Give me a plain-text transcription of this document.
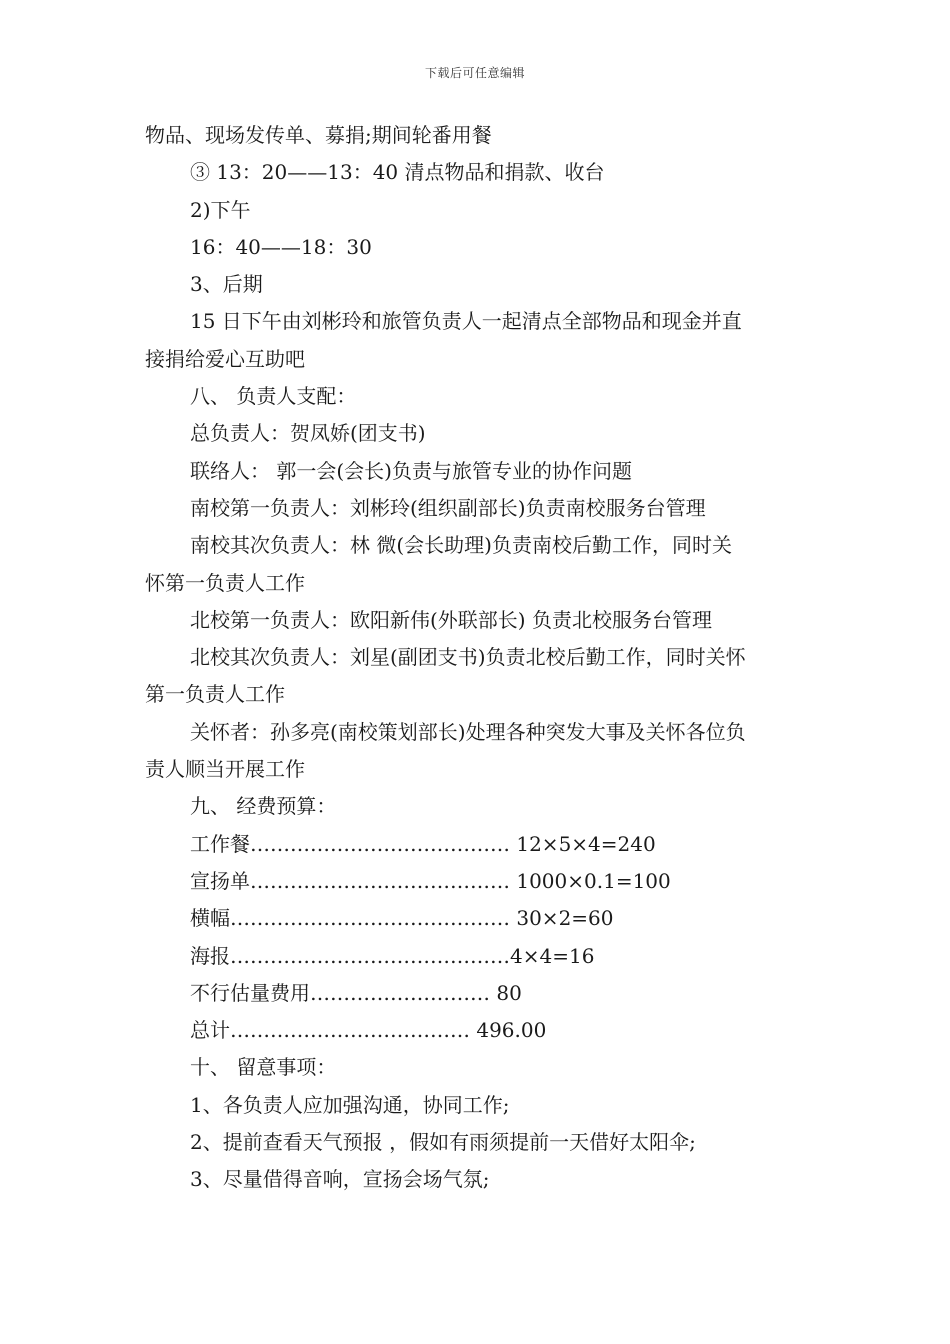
下载后可任意编辑
物品、现场发传单、募捐;期间轮番用餐
③ 13：20——13：40 清点物品和捐款、收台
2)下午
16：40——18：30
3、后期
15 日下午由刘彬玲和旅管负责人一起清点全部物品和现金并直
接捐给爱心互助吧
八、 负责人支配：
总负责人：贺凤娇(团支书)
联络人： 郭一会(会长)负责与旅管专业的协作问题
南校第一负责人：刘彬玲(组织副部长)负责南校服务台管理
南校其次负责人：林 微(会长助理)负责南校后勤工作，同时关
怀第一负责人工作
北校第一负责人：欧阳新伟(外联部长) 负责北校服务台管理
北校其次负责人：刘星(副团支书)负责北校后勤工作，同时关怀
第一负责人工作
关怀者：孙多亮(南校策划部长)处理各种突发大事及关怀各位负
责人顺当开展工作
九、 经费预算：
工作餐………………………………… 12×5×4=240
宣扬单………………………………… 1000×0.1=100
横幅…………………………………… 30×2=60
海报……………………………………4×4=16
不行估量费用……………………… 80
总计……………………………… 496.00
十、 留意事项：
1、各负责人应加强沟通，协同工作;
2、提前查看天气预报 ，假如有雨须提前一天借好太阳伞;
3、尽量借得音响，宣扬会场气氛;
